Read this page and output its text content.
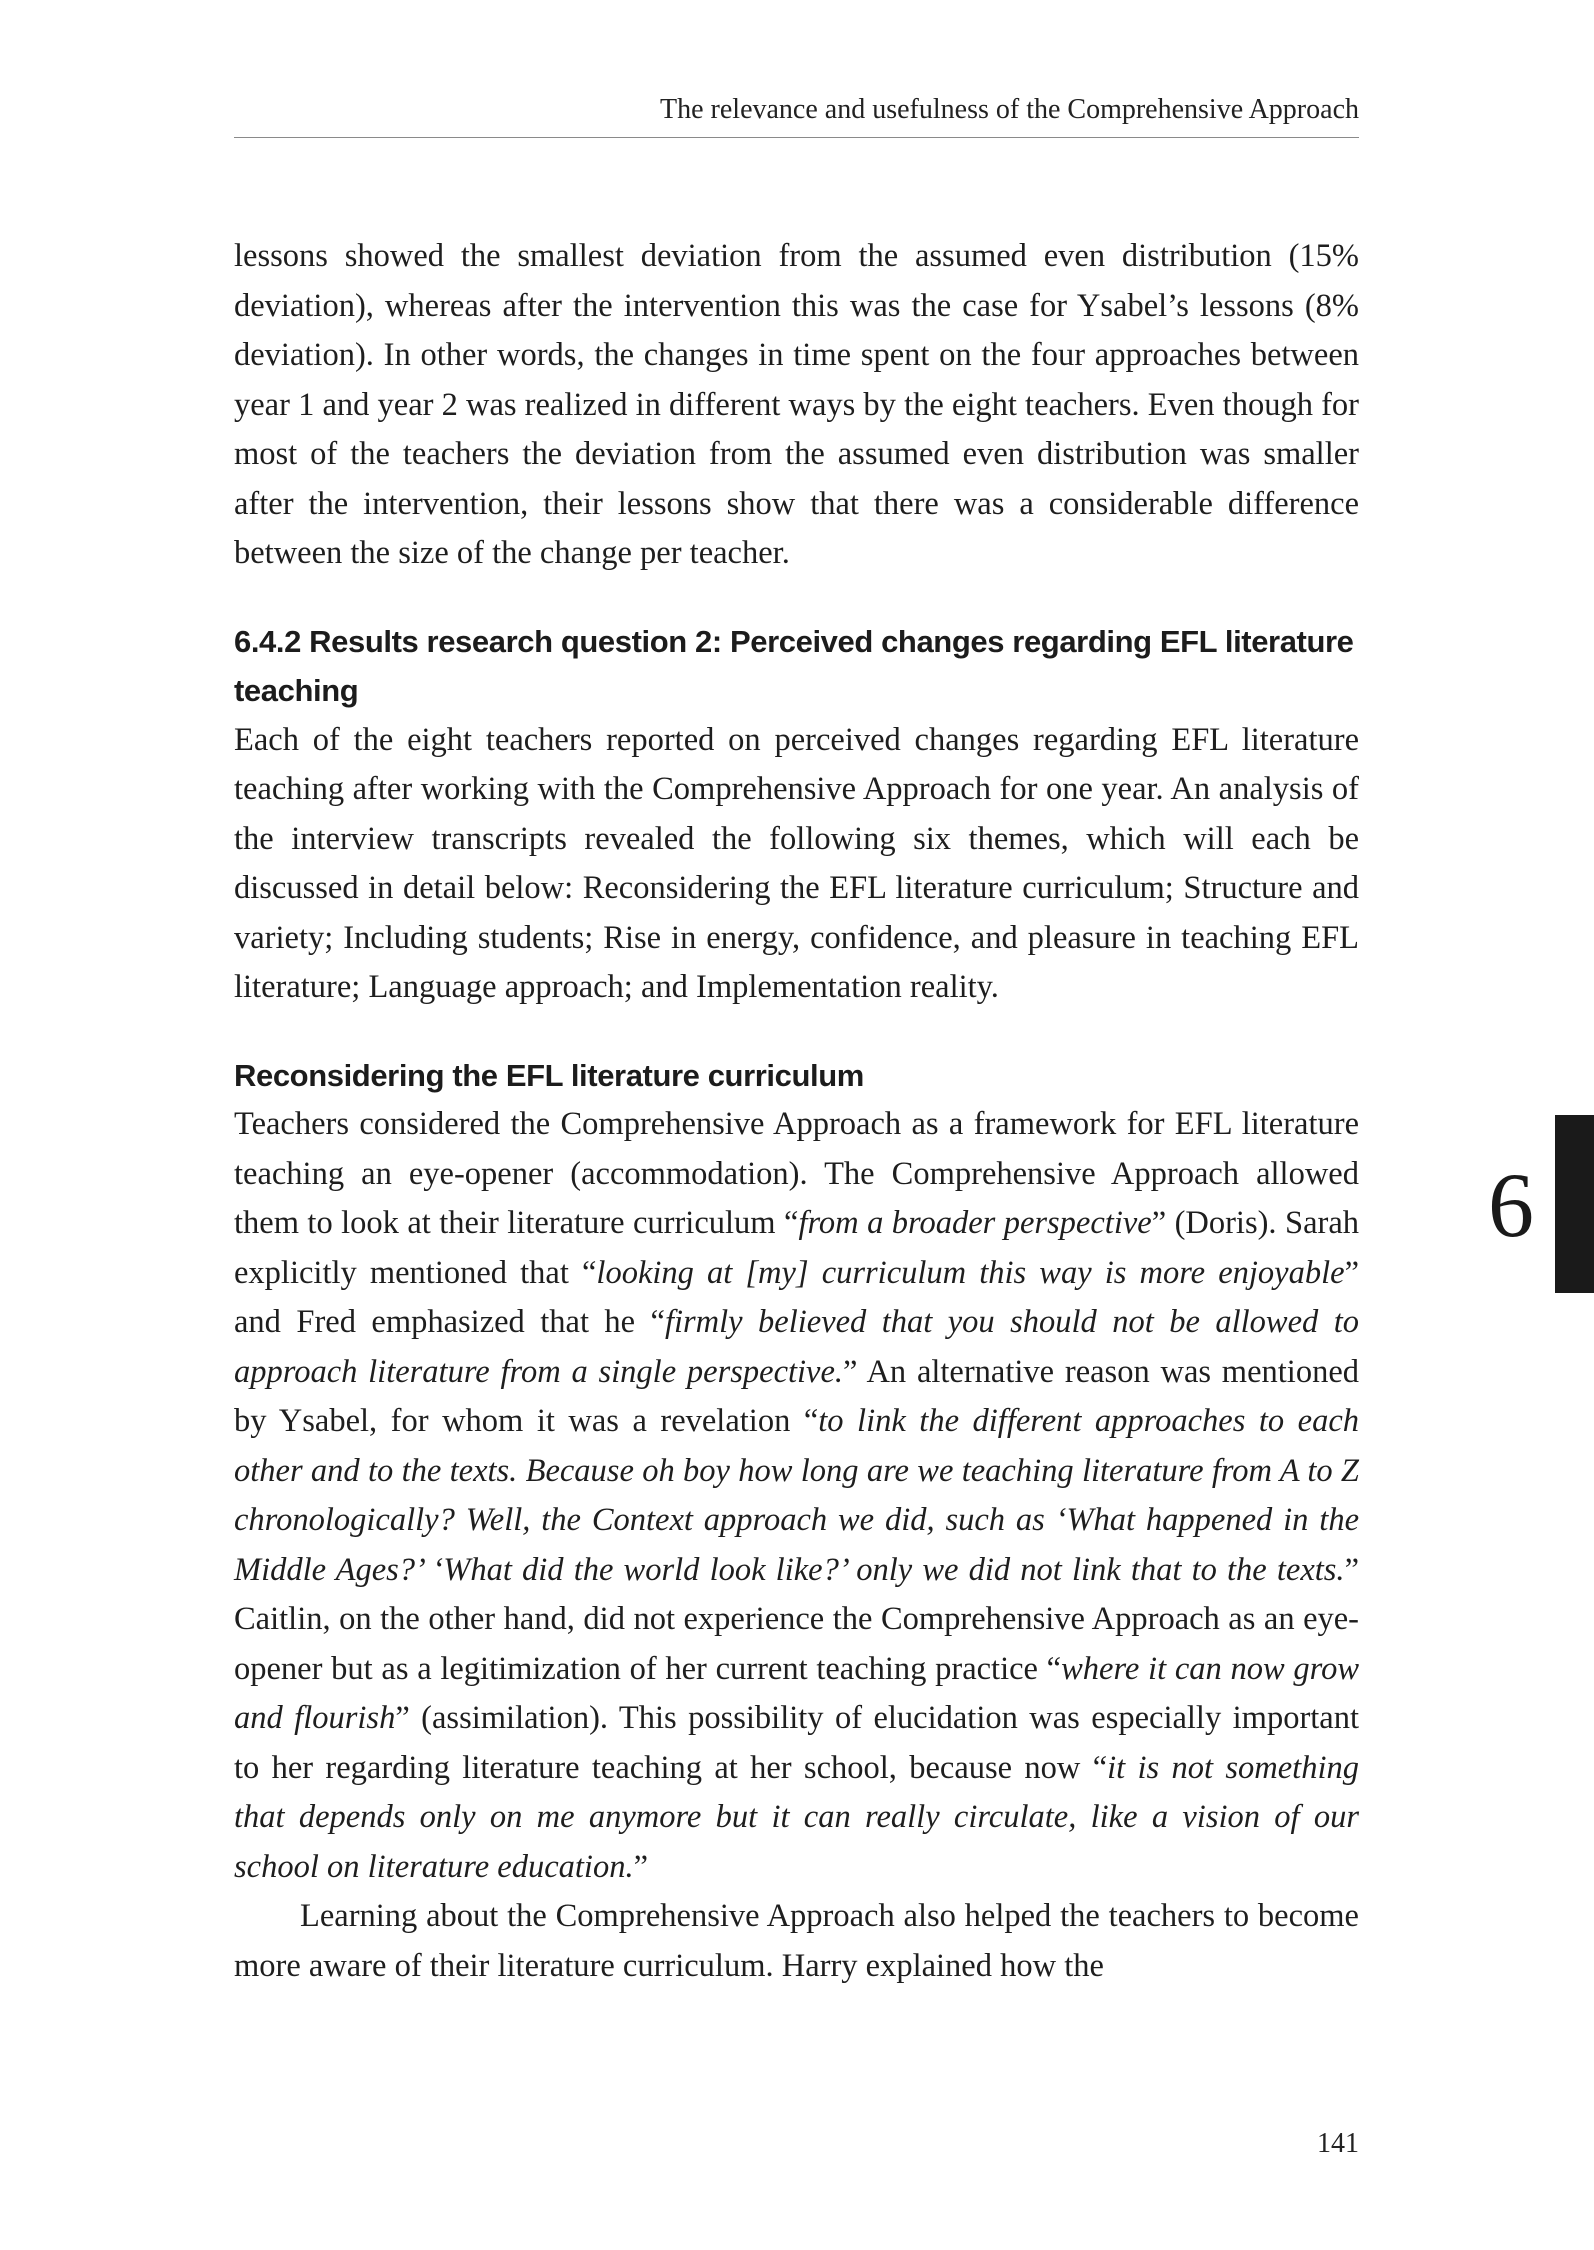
The relevance and usefulness of the Comprehensive Approach

lessons showed the smallest deviation from the assumed even distribution (15% deviation), whereas after the intervention this was the case for Ysabel’s lessons (8% deviation). In other words, the changes in time spent on the four approaches between year 1 and year 2 was realized in different ways by the eight teachers. Even though for most of the teachers the deviation from the assumed even distribution was smaller after the intervention, their lessons show that there was a considerable difference between the size of the change per teacher.

6.4.2 Results research question 2: Perceived changes regarding EFL literature teaching

Each of the eight teachers reported on perceived changes regarding EFL literature teaching after working with the Comprehensive Approach for one year. An analysis of the interview transcripts revealed the following six themes, which will each be discussed in detail below: Reconsidering the EFL literature curriculum; Structure and variety; Including students; Rise in energy, confidence, and pleasure in teaching EFL literature; Language approach; and Implementation reality.

Reconsidering the EFL literature curriculum

Teachers considered the Comprehensive Approach as a framework for EFL literature teaching an eye-opener (accommodation). The Comprehensive Approach allowed them to look at their literature curriculum “from a broader perspective” (Doris). Sarah explicitly mentioned that “looking at [my] curriculum this way is more enjoyable” and Fred emphasized that he “firmly believed that you should not be allowed to approach literature from a single perspective.” An alternative reason was mentioned by Ysabel, for whom it was a revelation “to link the different approaches to each other and to the texts. Because oh boy how long are we teaching literature from A to Z chronologically? Well, the Context approach we did, such as ‘What happened in the Middle Ages?’ ‘What did the world look like?’ only we did not link that to the texts.” Caitlin, on the other hand, did not experience the Comprehensive Approach as an eye-opener but as a legitimization of her current teaching practice “where it can now grow and flourish” (assimilation). This possibility of elucidation was especially important to her regarding literature teaching at her school, because now “it is not something that depends only on me anymore but it can really circulate, like a vision of our school on literature education.”

Learning about the Comprehensive Approach also helped the teachers to become more aware of their literature curriculum. Harry explained how the

6
141
